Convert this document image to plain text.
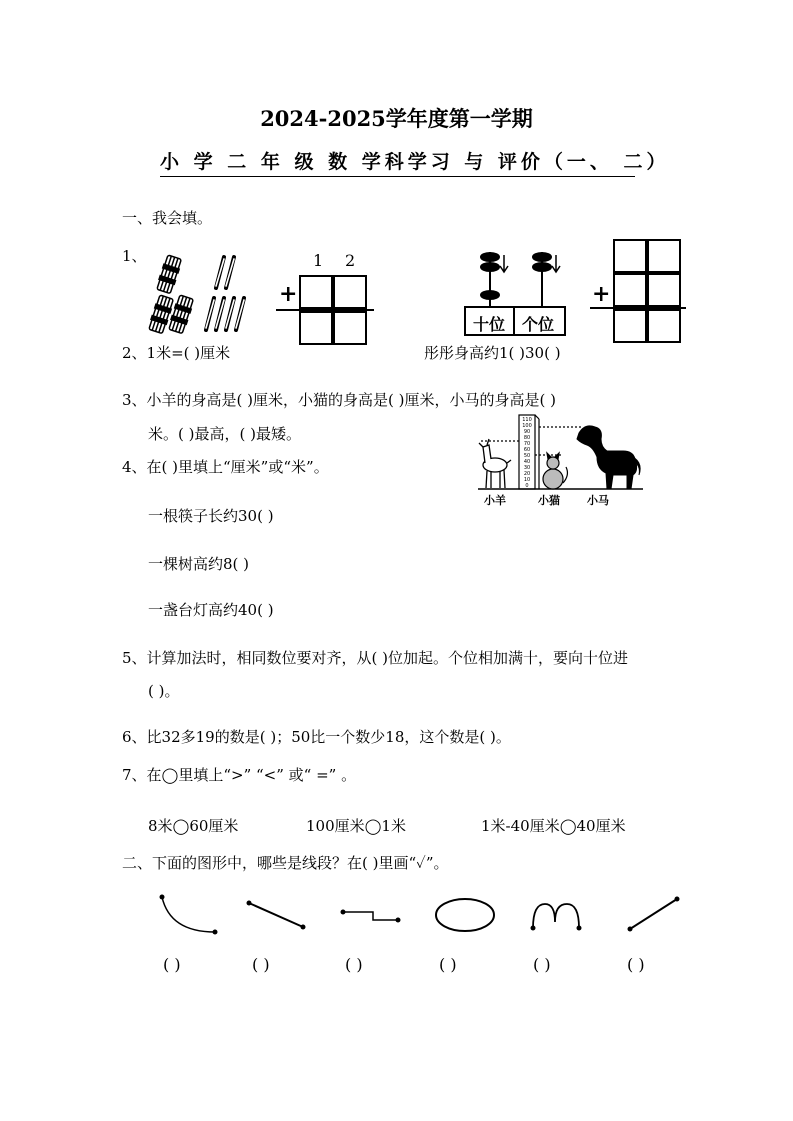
2024-2025学年度第一学期
小 学 二 年 级 数 学科学习 与 评价（一、 二）
一、我会填。
1、	1 2
+
十位 个位
+
2、1米=( )厘米	彤彤身高约1( )30( )
3、小羊的身高是( )厘米，小猫的身高是( )厘米，小马的身高是( )
米。( )最高，( )最矮。
110
100
90
80
70
60
50
40
30
20
10
0
小羊	小猫 小马
4、在( )里填上“厘米”或“米”。
一根筷子长约30( )
一棵树高约8( )
一盏台灯高约40( )
5、计算加法时，相同数位要对齐，从( )位加起。个位相加满十，要向十位进
( )。
6、比32多19的数是( )；50比一个数少18，这个数是( )。
7、在◯里填上“>” “<” 或“ =” 。
8米◯60厘米	100厘米◯1米	1米-40厘米◯40厘米
二、下面的图形中，哪些是线段？在( )里画“✓”。
( )	( )	( )	( )	( )	( )
